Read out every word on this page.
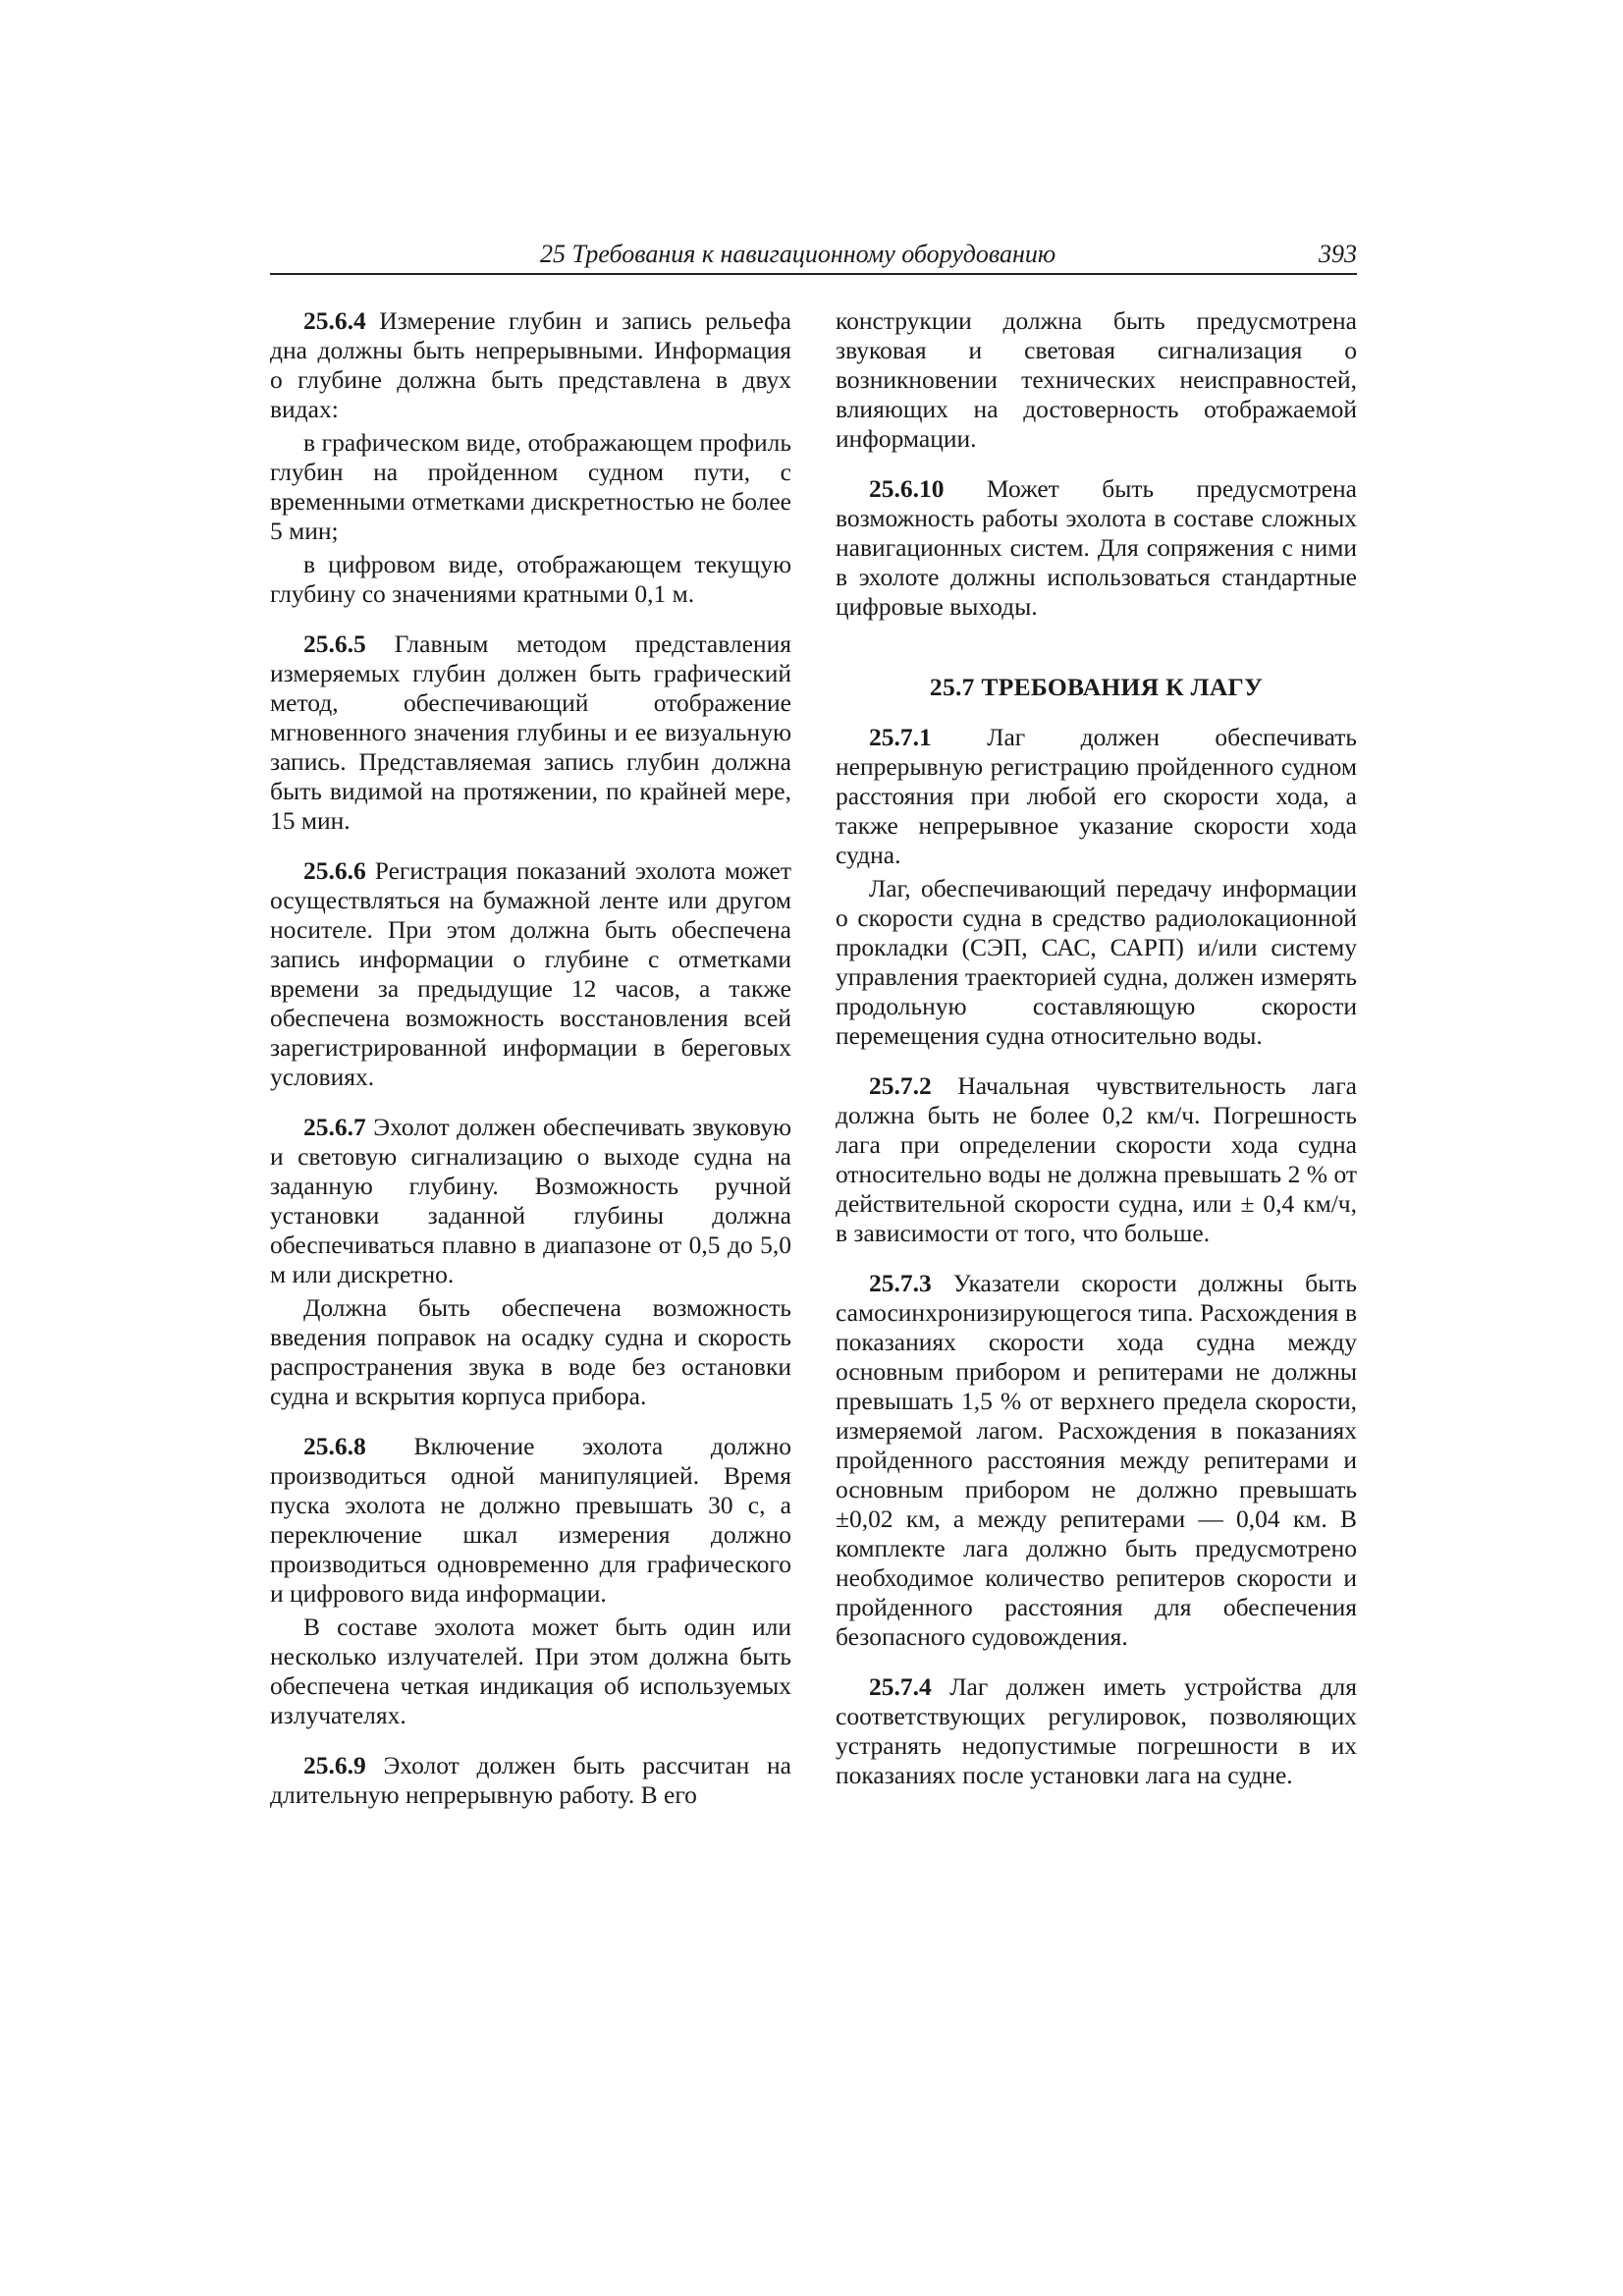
25 Требования к навигационному оборудованию	393

25.6.4 Измерение глубин и запись рельефа дна должны быть непрерывными. Информация о глубине должна быть представлена в двух видах:

в графическом виде, отображающем профиль глубин на пройденном судном пути, с временными отметками дискретностью не более 5 мин;

в цифровом виде, отображающем текущую глубину со значениями кратными 0,1 м.

25.6.5 Главным методом представления измеряемых глубин должен быть графический метод, обеспечивающий отображение мгновенного значения глубины и ее визуальную запись. Представляемая запись глубин должна быть видимой на протяжении, по крайней мере, 15 мин.

25.6.6 Регистрация показаний эхолота может осуществляться на бумажной ленте или другом носителе. При этом должна быть обеспечена запись информации о глубине с отметками времени за предыдущие 12 часов, а также обеспечена возможность восстановления всей зарегистрированной информации в береговых условиях.

25.6.7 Эхолот должен обеспечивать звуковую и световую сигнализацию о выходе судна на заданную глубину. Возможность ручной установки заданной глубины должна обеспечиваться плавно в диапазоне от 0,5 до 5,0 м или дискретно.

Должна быть обеспечена возможность введения поправок на осадку судна и скорость распространения звука в воде без остановки судна и вскрытия корпуса прибора.

25.6.8 Включение эхолота должно производиться одной манипуляцией. Время пуска эхолота не должно превышать 30 с, а переключение шкал измерения должно производиться одновременно для графического и цифрового вида информации.

В составе эхолота может быть один или несколько излучателей. При этом должна быть обеспечена четкая индикация об используемых излучателях.

25.6.9 Эхолот должен быть рассчитан на длительную непрерывную работу. В его

конструкции должна быть предусмотрена звуковая и световая сигнализация о возникновении технических неисправностей, влияющих на достоверность отображаемой информации.

25.6.10 Может быть предусмотрена возможность работы эхолота в составе сложных навигационных систем. Для сопряжения с ними в эхолоте должны использоваться стандартные цифровые выходы.

25.7 ТРЕБОВАНИЯ К ЛАГУ

25.7.1 Лаг должен обеспечивать непрерывную регистрацию пройденного судном расстояния при любой его скорости хода, а также непрерывное указание скорости хода судна.

Лаг, обеспечивающий передачу информации о скорости судна в средство радиолокационной прокладки (СЭП, САС, САРП) и/или систему управления траекторией судна, должен измерять продольную составляющую скорости перемещения судна относительно воды.

25.7.2 Начальная чувствительность лага должна быть не более 0,2 км/ч. Погрешность лага при определении скорости хода судна относительно воды не должна превышать 2 % от действительной скорости судна, или ± 0,4 км/ч, в зависимости от того, что больше.

25.7.3 Указатели скорости должны быть самосинхронизирующегося типа. Расхождения в показаниях скорости хода судна между основным прибором и репитерами не должны превышать 1,5 % от верхнего предела скорости, измеряемой лагом. Расхождения в показаниях пройденного расстояния между репитерами и основным прибором не должно превышать ±0,02 км, а между репитерами — 0,04 км. В комплекте лага должно быть предусмотрено необходимое количество репитеров скорости и пройденного расстояния для обеспечения безопасного судовождения.

25.7.4 Лаг должен иметь устройства для соответствующих регулировок, позволяющих устранять недопустимые погрешности в их показаниях после установки лага на судне.
